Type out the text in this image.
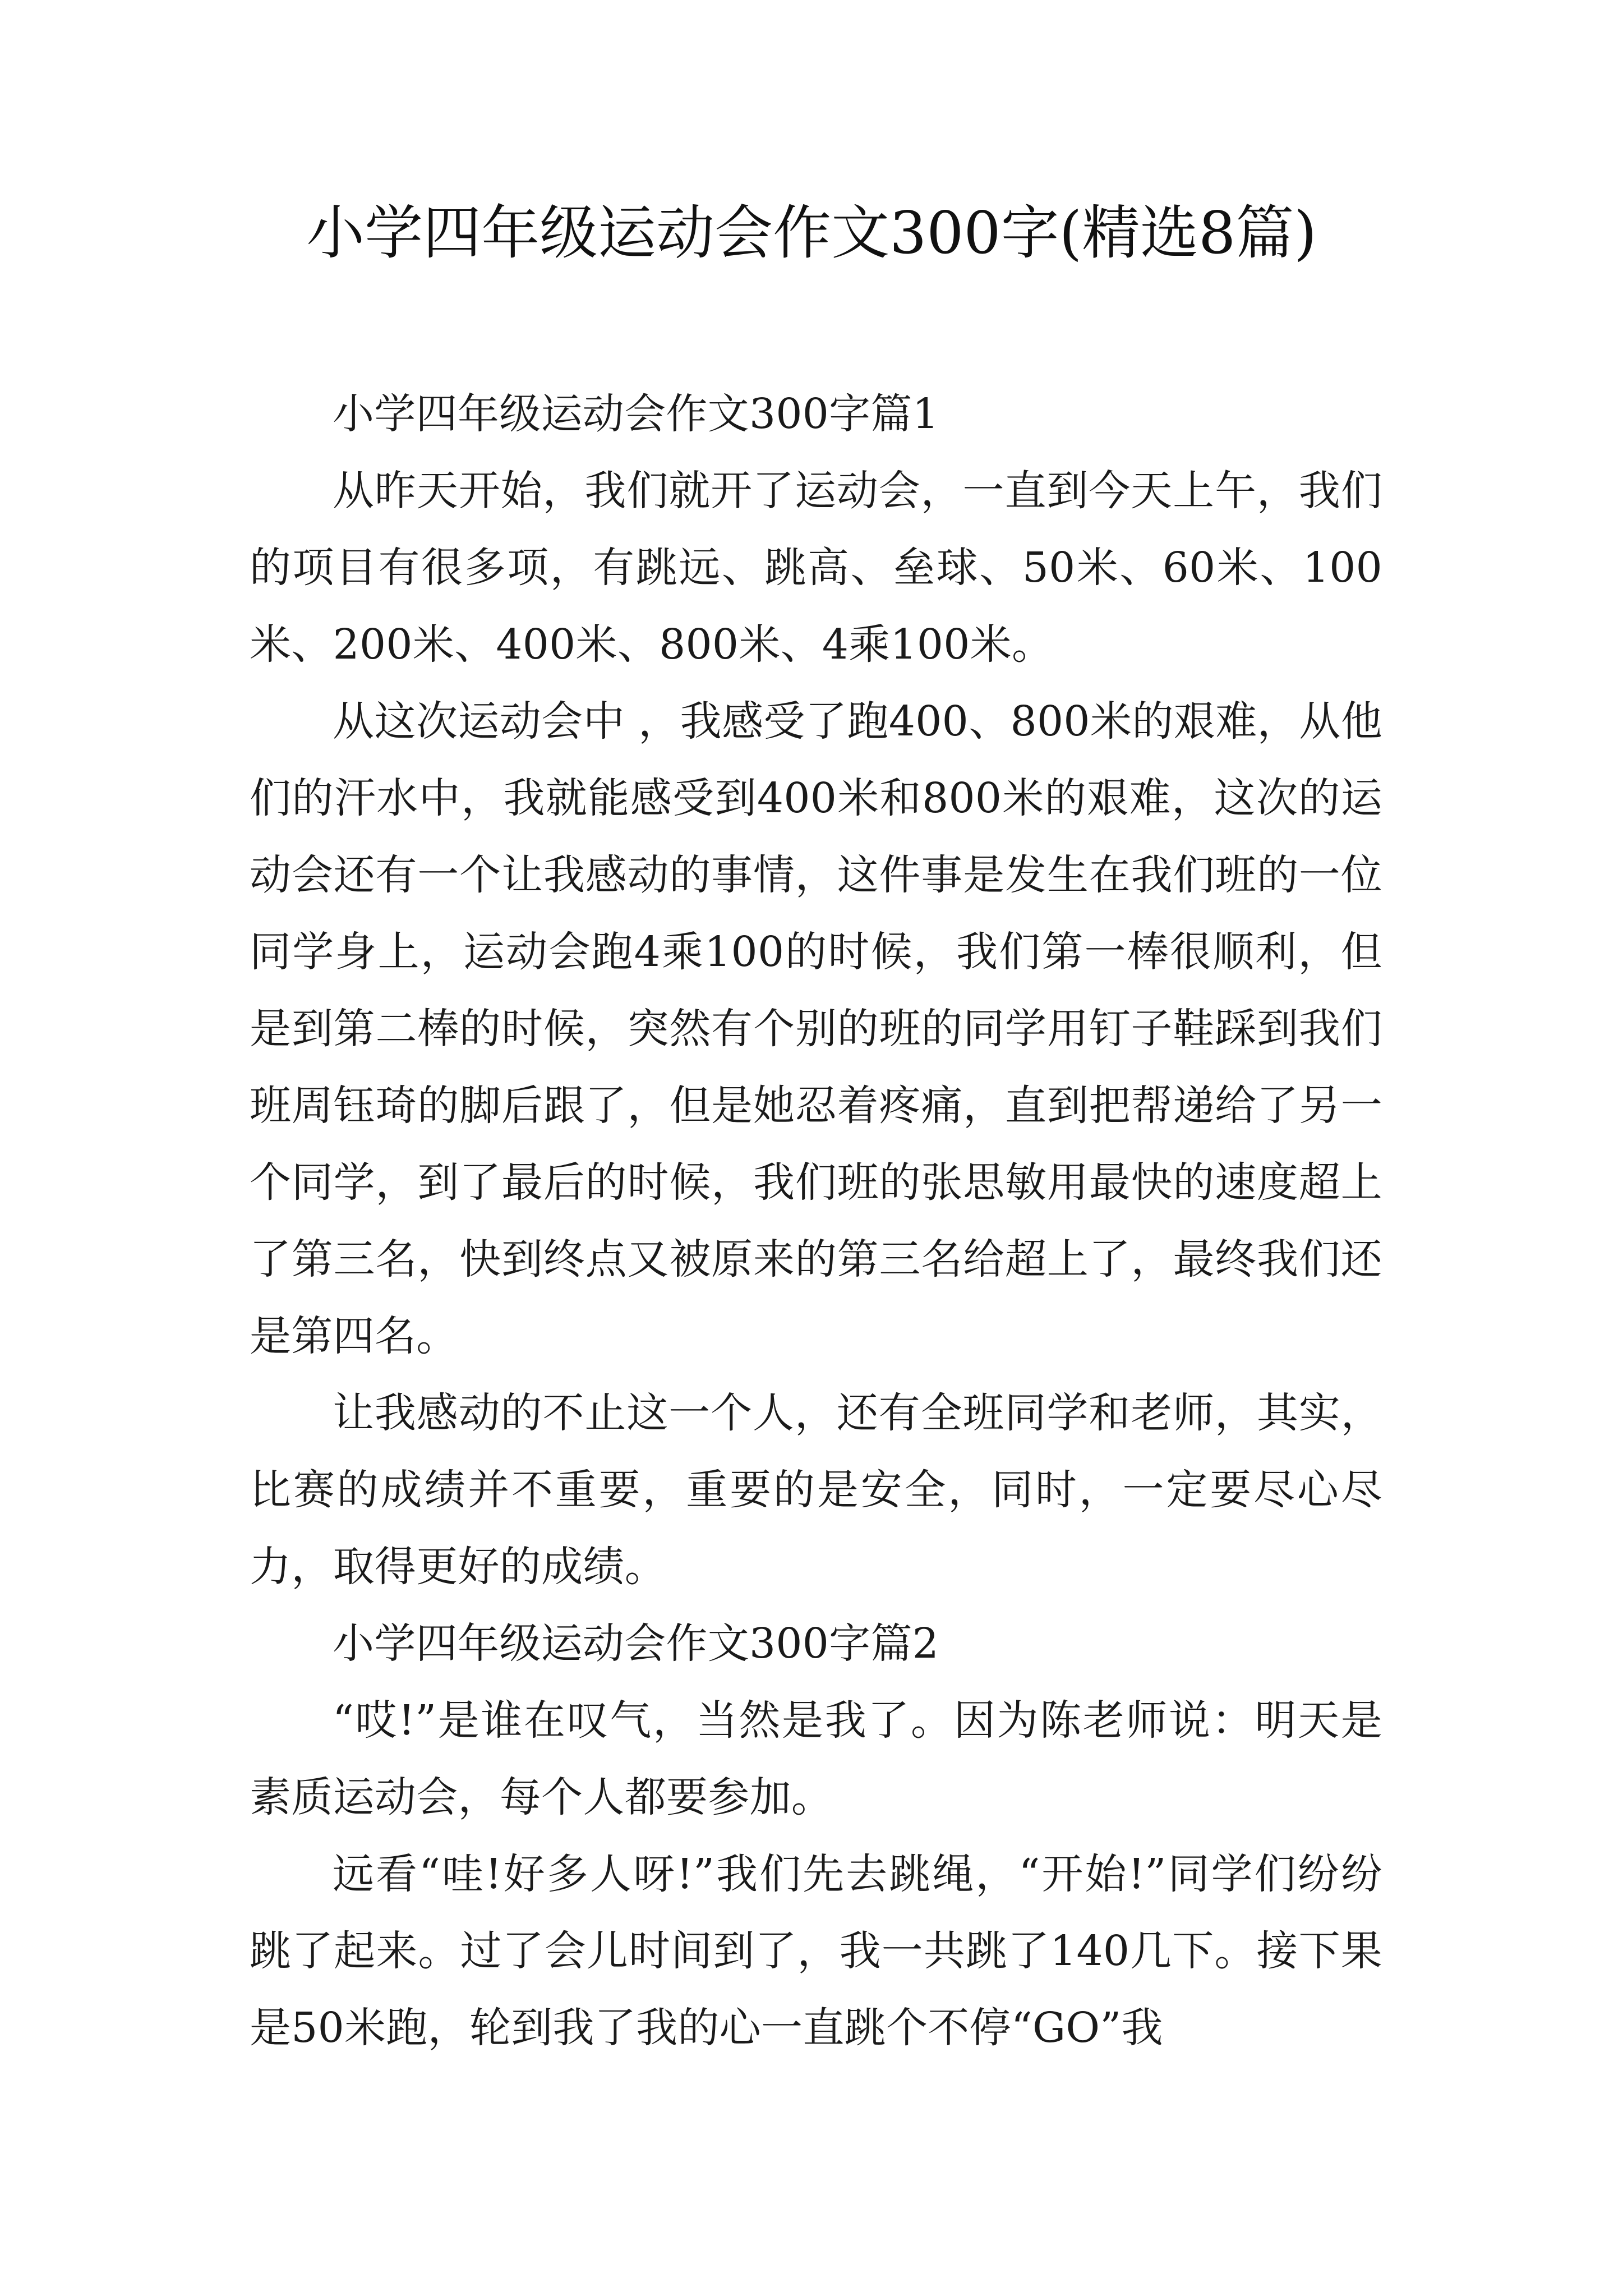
小学四年级运动会作文300字(精选8篇)

小学四年级运动会作文300字篇1

从昨天开始，我们就开了运动会，一直到今天上午，我们的项目有很多项，有跳远、跳高、垒球、50米、60米、100米、200米、400米、800米、4乘100米。

从这次运动会中 ，我感受了跑400、800米的艰难，从他们的汗水中，我就能感受到400米和800米的艰难，这次的运动会还有一个让我感动的事情，这件事是发生在我们班的一位同学身上，运动会跑4乘100的时候，我们第一棒很顺利，但是到第二棒的时候，突然有个别的班的同学用钉子鞋踩到我们班周钰琦的脚后跟了，但是她忍着疼痛，直到把帮递给了另一个同学，到了最后的时候，我们班的张思敏用最快的速度超上了第三名，快到终点又被原来的第三名给超上了，最终我们还是第四名。

让我感动的不止这一个人，还有全班同学和老师，其实，比赛的成绩并不重要，重要的是安全，同时，一定要尽心尽力，取得更好的成绩。

小学四年级运动会作文300字篇2

“哎!”是谁在叹气，当然是我了。因为陈老师说：明天是素质运动会，每个人都要参加。

远看“哇!好多人呀!”我们先去跳绳，“开始!”同学们纷纷跳了起来。过了会儿时间到了，我一共跳了140几下。接下果是50米跑，轮到我了我的心一直跳个不停“GO”我
